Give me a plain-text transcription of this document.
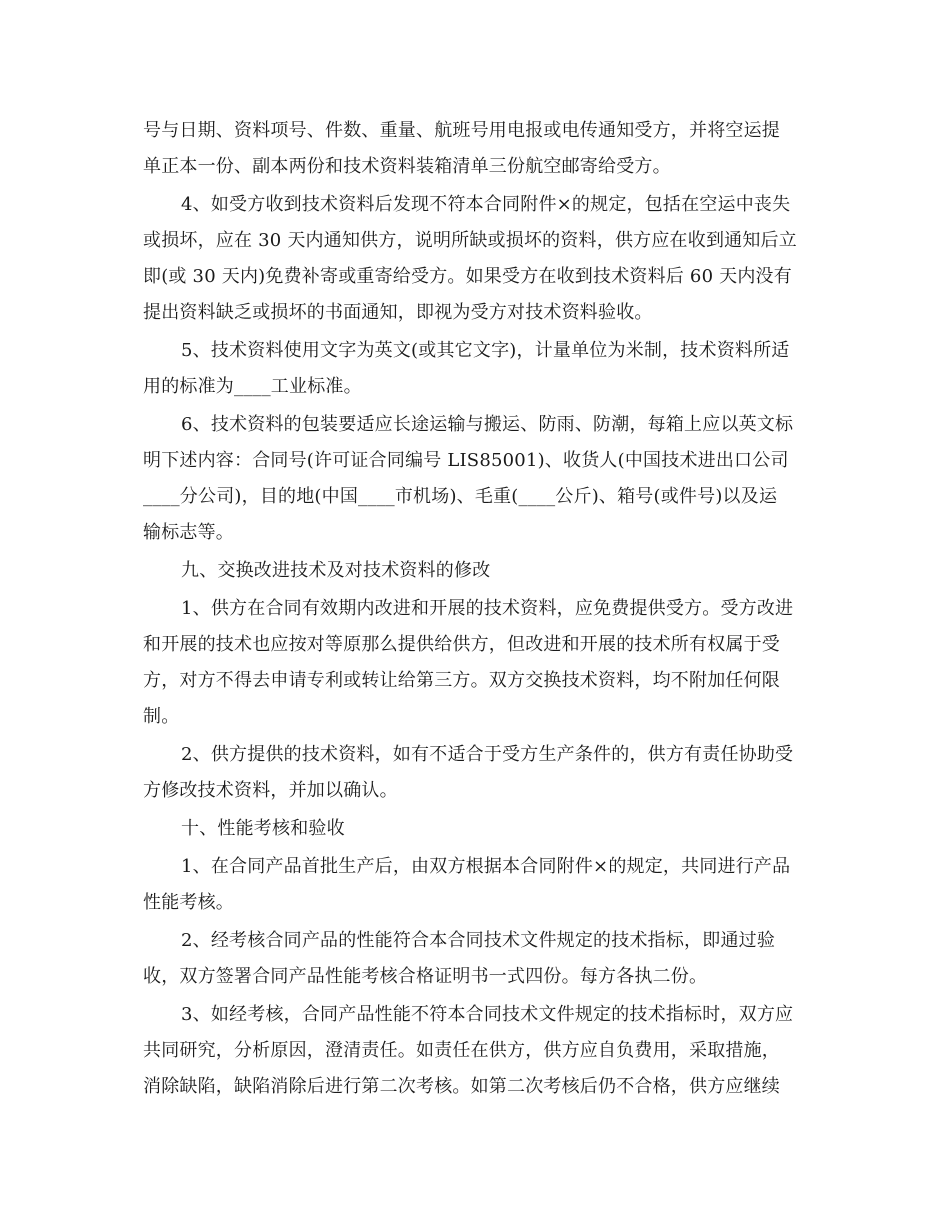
号与日期、资料项号、件数、重量、航班号用电报或电传通知受方，并将空运提
单正本一份、副本两份和技术资料装箱清单三份航空邮寄给受方。
4、如受方收到技术资料后发现不符本合同附件×的规定，包括在空运中丧失
或损坏，应在 30 天内通知供方，说明所缺或损坏的资料，供方应在收到通知后立
即(或 30 天内)免费补寄或重寄给受方。如果受方在收到技术资料后 60 天内没有
提出资料缺乏或损坏的书面通知，即视为受方对技术资料验收。
5、技术资料使用文字为英文(或其它文字)，计量单位为米制，技术资料所适
用的标准为____工业标准。
6、技术资料的包装要适应长途运输与搬运、防雨、防潮，每箱上应以英文标
明下述内容：合同号(许可证合同编号 LIS85001)、收货人(中国技术进出口公司
____分公司)，目的地(中国____市机场)、毛重(____公斤)、箱号(或件号)以及运
输标志等。
九、交换改进技术及对技术资料的修改
1、供方在合同有效期内改进和开展的技术资料，应免费提供受方。受方改进
和开展的技术也应按对等原那么提供给供方，但改进和开展的技术所有权属于受
方，对方不得去申请专利或转让给第三方。双方交换技术资料，均不附加任何限
制。
2、供方提供的技术资料，如有不适合于受方生产条件的，供方有责任协助受
方修改技术资料，并加以确认。
十、性能考核和验收
1、在合同产品首批生产后，由双方根据本合同附件×的规定，共同进行产品
性能考核。
2、经考核合同产品的性能符合本合同技术文件规定的技术指标，即通过验
收，双方签署合同产品性能考核合格证明书一式四份。每方各执二份。
3、如经考核，合同产品性能不符本合同技术文件规定的技术指标时，双方应
共同研究，分析原因，澄清责任。如责任在供方，供方应自负费用，采取措施，
消除缺陷，缺陷消除后进行第二次考核。如第二次考核后仍不合格，供方应继续
